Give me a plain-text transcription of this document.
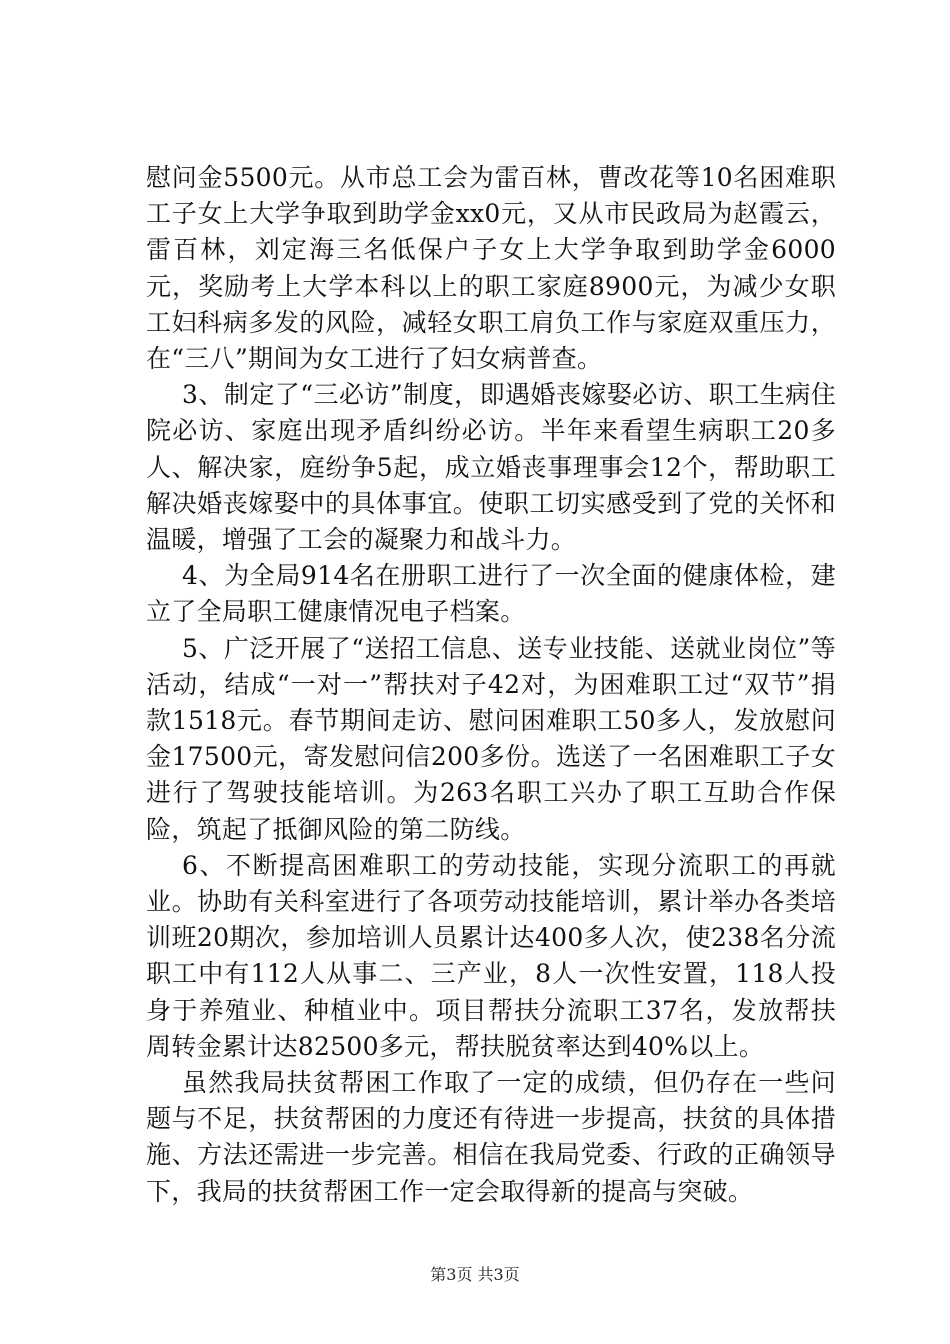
慰问金5500元。从市总工会为雷百林，曹改花等10名困难职工子女上大学争取到助学金xx0元，又从市民政局为赵霞云，雷百林，刘定海三名低保户子女上大学争取到助学金6000元，奖励考上大学本科以上的职工家庭8900元，为减少女职工妇科病多发的风险，减轻女职工肩负工作与家庭双重压力，在“三八”期间为女工进行了妇女病普查。

3、制定了“三必访”制度，即遇婚丧嫁娶必访、职工生病住院必访、家庭出现矛盾纠纷必访。半年来看望生病职工20多人、解决家，庭纷争5起，成立婚丧事理事会12个，帮助职工解决婚丧嫁娶中的具体事宜。使职工切实感受到了党的关怀和温暖，增强了工会的凝聚力和战斗力。

4、为全局914名在册职工进行了一次全面的健康体检，建立了全局职工健康情况电子档案。

5、广泛开展了“送招工信息、送专业技能、送就业岗位”等活动，结成“一对一”帮扶对子42对，为困难职工过“双节”捐款1518元。春节期间走访、慰问困难职工50多人，发放慰问金17500元，寄发慰问信200多份。选送了一名困难职工子女进行了驾驶技能培训。为263名职工兴办了职工互助合作保险，筑起了抵御风险的第二防线。

6、不断提高困难职工的劳动技能，实现分流职工的再就业。协助有关科室进行了各项劳动技能培训，累计举办各类培训班20期次，参加培训人员累计达400多人次，使238名分流职工中有112人从事二、三产业，8人一次性安置，118人投身于养殖业、种植业中。项目帮扶分流职工37名，发放帮扶周转金累计达82500多元，帮扶脱贫率达到40%以上。

虽然我局扶贫帮困工作取了一定的成绩，但仍存在一些问题与不足，扶贫帮困的力度还有待进一步提高，扶贫的具体措施、方法还需进一步完善。相信在我局党委、行政的正确领导下，我局的扶贫帮困工作一定会取得新的提高与突破。

第3页 共3页
